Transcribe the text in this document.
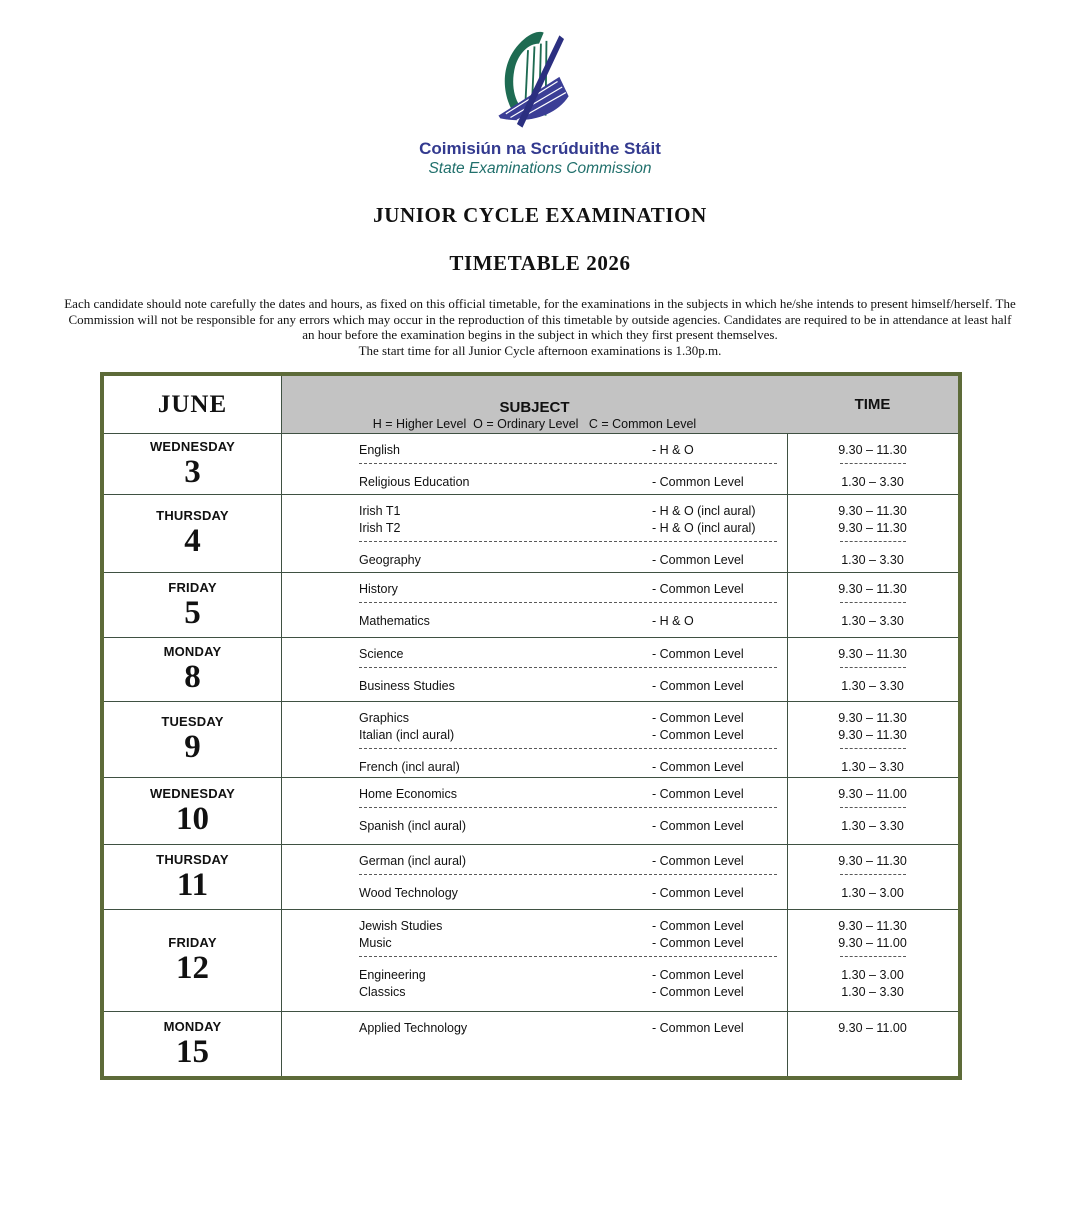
Coimisiún na Scrúduithe Stáit
State Examinations Commission
JUNIOR CYCLE EXAMINATION
TIMETABLE 2026

Each candidate should note carefully the dates and hours, as fixed on this official timetable, for the examinations in the subjects in which he/she intends to present himself/herself. The Commission will not be responsible for any errors which may occur in the reproduction of this timetable by outside agencies. Candidates are required to be in attendance at least half an hour before the examination begins in the subject in which they first present themselves.

The start time for all Junior Cycle afternoon examinations is 1.30p.m.

JUNE	SUBJECT
H = Higher Level  O = Ordinary Level   C = Common Level
TIME
WEDNESDAY
3
English	- H & O	9.30 – 11.30
Religious Education	- Common Level	1.30 – 3.30
THURSDAY
4
Irish T1	- H & O (incl aural)	9.30 – 11.30
Irish T2	- H & O (incl aural)	9.30 – 11.30
Geography	- Common Level	1.30 – 3.30
FRIDAY
5
History	- Common Level	9.30 – 11.30
Mathematics	- H & O	1.30 – 3.30
MONDAY
8
Science	- Common Level	9.30 – 11.30
Business Studies	- Common Level	1.30 – 3.30
TUESDAY
9
Graphics	- Common Level	9.30 – 11.30
Italian (incl aural)	- Common Level	9.30 – 11.30
French (incl aural)	- Common Level	1.30 – 3.30
WEDNESDAY
10
Home Economics	- Common Level	9.30 – 11.00
Spanish (incl aural)	- Common Level	1.30 – 3.30
THURSDAY
11
German (incl aural)	- Common Level	9.30 – 11.30
Wood Technology	- Common Level	1.30 – 3.00
FRIDAY
12
Jewish Studies	- Common Level	9.30 – 11.30
Music	- Common Level	9.30 – 11.00
Engineering	- Common Level	1.30 – 3.00
Classics	- Common Level	1.30 – 3.30
MONDAY
15
Applied Technology	- Common Level	9.30 – 11.00
